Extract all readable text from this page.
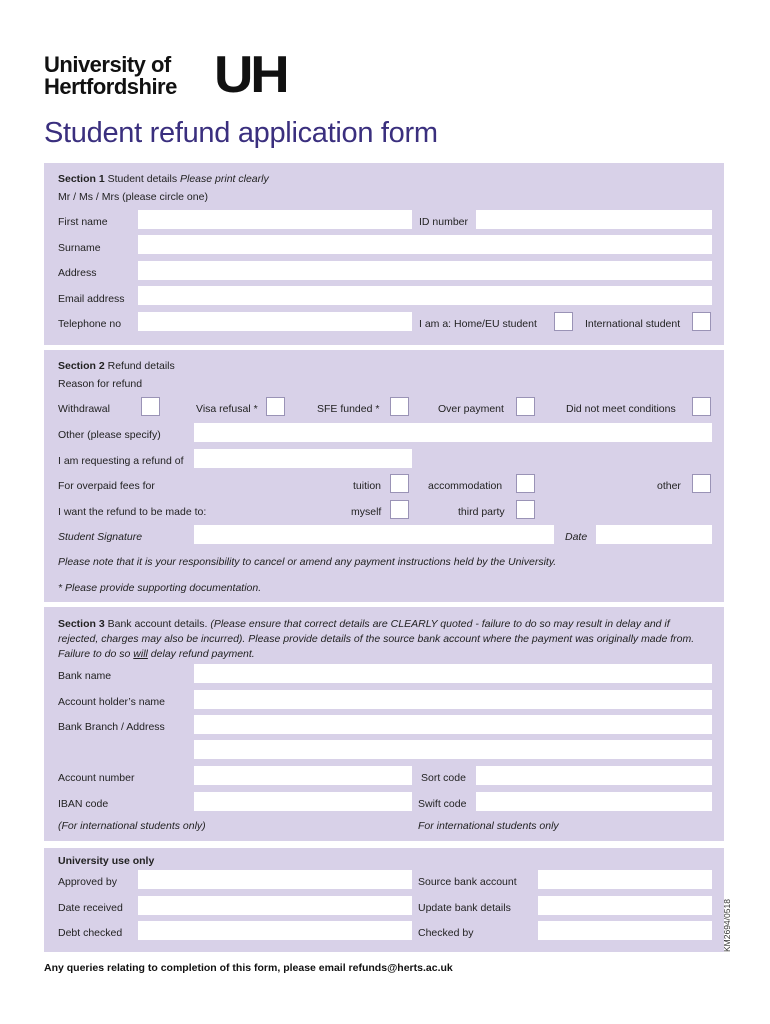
University of
Hertfordshire UH
Student refund application form
Section 1 Student details Please print clearly
Mr / Ms / Mrs (please circle one)
First name	ID number
Surname
Address
Email address
Telephone no	I am a: Home/EU student	International student
Section 2 Refund details
Reason for refund
Withdrawal	Visa refusal *	SFE funded *	Over payment	Did not meet conditions
Other (please specify)
I am requesting a refund of
For overpaid fees for	tuition	accommodation	other
I want the refund to be made to:	myself	third party
Student Signature	Date
Please note that it is your responsibility to cancel or amend any payment instructions held by the University.
* Please provide supporting documentation.
Section 3 Bank account details. (Please ensure that correct details are CLEARLY quoted - failure to do so may result in delay and if rejected, charges may also be incurred). Please provide details of the source bank account where the payment was originally made from. Failure to do so will delay refund payment.
Bank name
Account holder’s name
Bank Branch / Address
Account number	Sort code
IBAN code	Swift code
(For international students only)	For international students only
University use only
Approved by	Source bank account
Date received	Update bank details
Debt checked	Checked by	KM2694/0518
Any queries relating to completion of this form, please email refunds@herts.ac.uk
